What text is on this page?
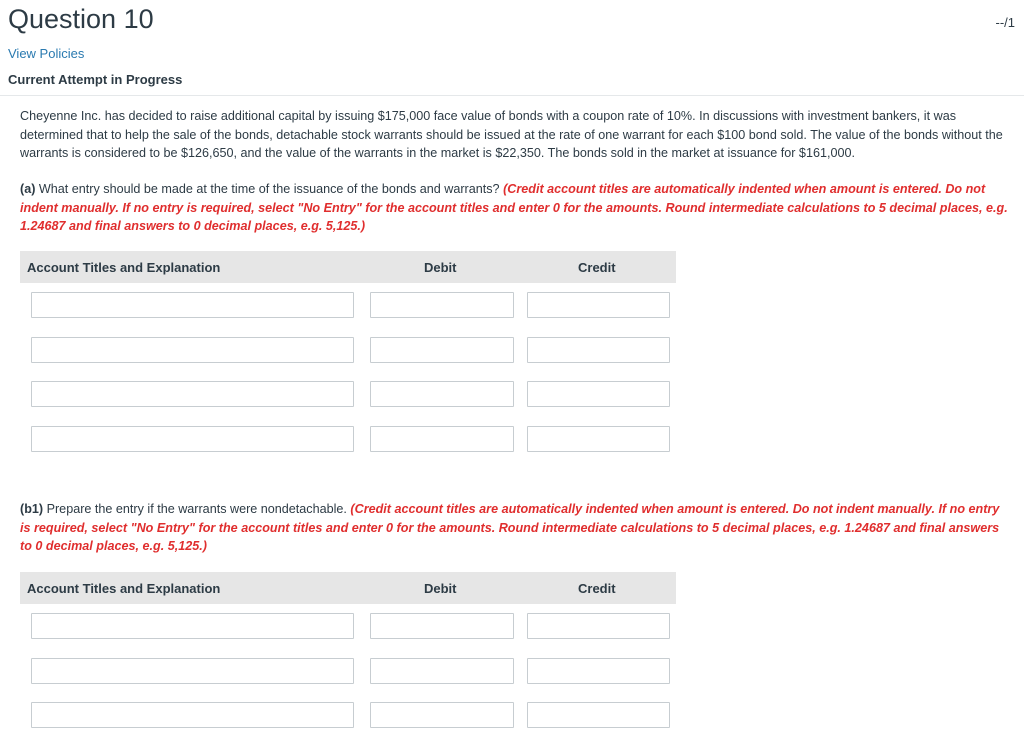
Question 10	--/1
View Policies
Current Attempt in Progress

Cheyenne Inc. has decided to raise additional capital by issuing $175,000 face value of bonds with a coupon rate of 10%. In discussions with investment bankers, it was determined that to help the sale of the bonds, detachable stock warrants should be issued at the rate of one warrant for each $100 bond sold. The value of the bonds without the warrants is considered to be $126,650, and the value of the warrants in the market is $22,350. The bonds sold in the market at issuance for $161,000.

(a) What entry should be made at the time of the issuance of the bonds and warrants? (Credit account titles are automatically indented when amount is entered. Do not indent manually. If no entry is required, select "No Entry" for the account titles and enter 0 for the amounts. Round intermediate calculations to 5 decimal places, e.g. 1.24687 and final answers to 0 decimal places, e.g. 5,125.)

Account Titles and Explanation	Debit	Credit

(b1) Prepare the entry if the warrants were nondetachable. (Credit account titles are automatically indented when amount is entered. Do not indent manually. If no entry is required, select "No Entry" for the account titles and enter 0 for the amounts. Round intermediate calculations to 5 decimal places, e.g. 1.24687 and final answers to 0 decimal places, e.g. 5,125.)

Account Titles and Explanation	Debit	Credit
